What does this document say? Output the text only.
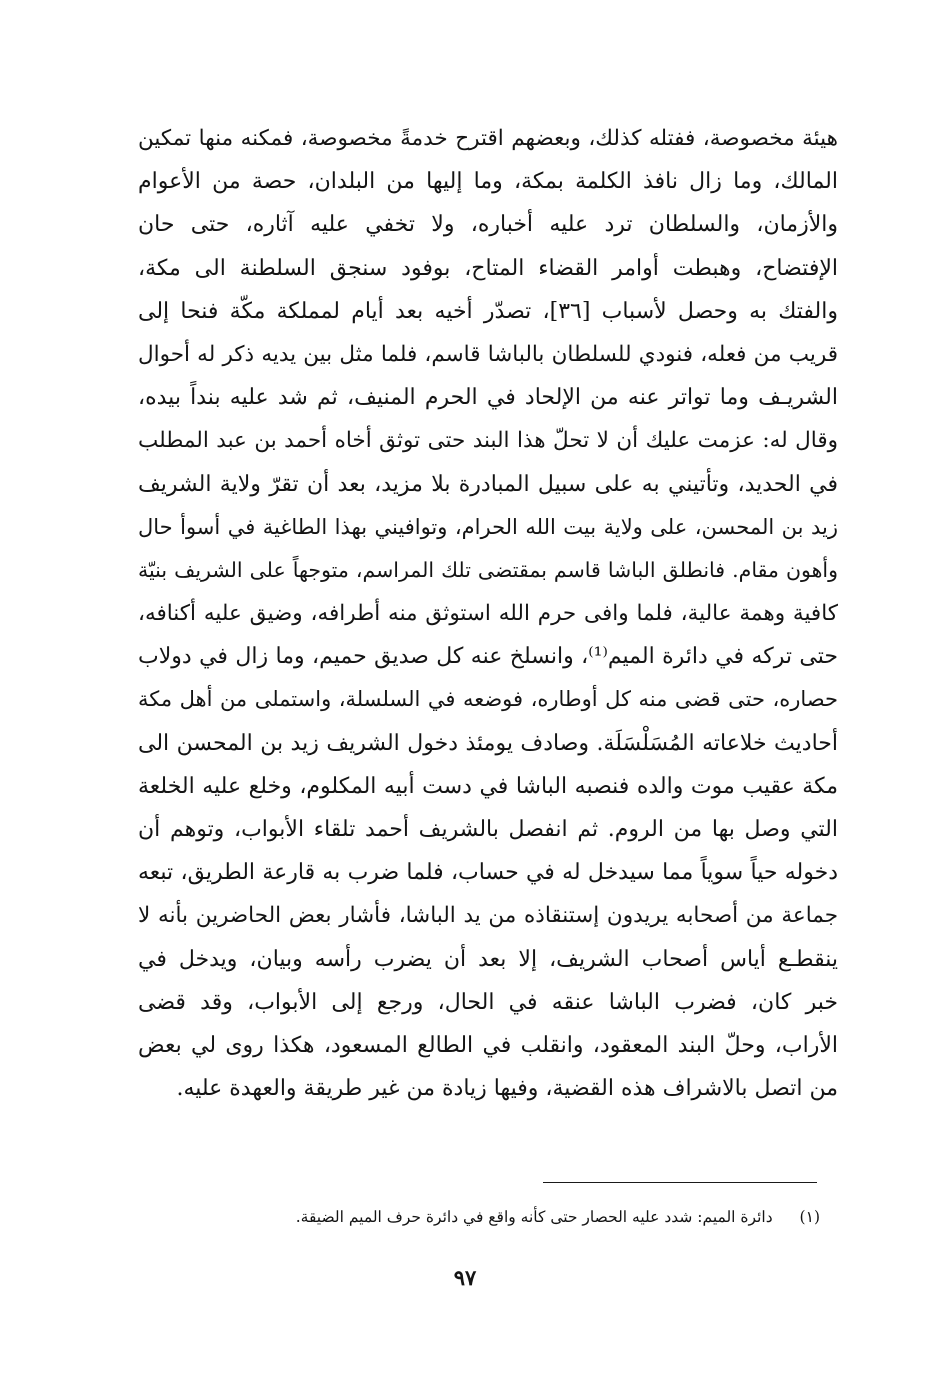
هيئة مخصوصة، ففتله كذلك، وبعضهم اقترح خدمةً مخصوصة، فمكنه منها تمكين
المالك، وما زال نافذ الكلمة بمكة، وما إليها من البلدان، حصة من الأعوام
والأزمان، والسلطان ترد عليه أخباره، ولا تخفي عليه آثاره، حتى حان
الإفتضاح، وهبطت أوامر القضاء المتاح، بوفود سنجق السلطنة الى مكة،
والفتك به وحصل لأسباب [٣٦]، تصدّر أخيه بعد أيام لمملكة مكّة فنحا إلى
قريب من فعله، فنودي للسلطان بالباشا قاسم، فلما مثل بين يديه ذكر له أحوال
الشريـف وما تواتر عنه من الإلحاد في الحرم المنيف، ثم شد عليه بنداً بيده،
وقال له: عزمت عليك أن لا تحلّ هذا البند حتى توثق أخاه أحمد بن عبد المطلب
في الحديد، وتأتيني به على سبيل المبادرة بلا مزيد، بعد أن تقرّ ولاية الشريف
زيد بن المحسن، على ولاية بيت الله الحرام، وتوافيني بهذا الطاغية في أسوأ حال
وأهون مقام. فانطلق الباشا قاسم بمقتضى تلك المراسم، متوجهاً على الشريف بنيّة
كافية وهمة عالية، فلما وافى حرم الله استوثق منه أطرافه، وضيق عليه أكنافه،
حتى تركه في دائرة الميم⁽¹⁾، وانسلخ عنه كل صديق حميم، وما زال في دولاب
حصاره، حتى قضى منه كل أوطاره، فوضعه في السلسلة، واستملى من أهل مكة
أحاديث خلاعاته المُسَلْسَلَة. وصادف يومئذ دخول الشريف زيد بن المحسن الى
مكة عقيب موت والده فنصبه الباشا في دست أبيه المكلوم، وخلع عليه الخلعة
التي وصل بها من الروم. ثم انفصل بالشريف أحمد تلقاء الأبواب، وتوهم أن
دخوله حياً سوياً مما سيدخل له في حساب، فلما ضرب به قارعة الطريق، تبعه
جماعة من أصحابه يريدون إستنقاذه من يد الباشا، فأشار بعض الحاضرين بأنه لا
ينقطـع أياس أصحاب الشريف، إلا بعد أن يضرب رأسه وبيان، ويدخل في
خبر كان، فضرب الباشا عنقه في الحال، ورجع إلى الأبواب، وقد قضى
الأراب، وحلّ البند المعقود، وانقلب في الطالع المسعود، هكذا روى لي بعض
من اتصل بالاشراف هذه القضية، وفيها زيادة من غير طريقة والعهدة عليه.
(١) دائرة الميم: شدد عليه الحصار حتى كأنه واقع في دائرة حرف الميم الضيقة.
٩٧
